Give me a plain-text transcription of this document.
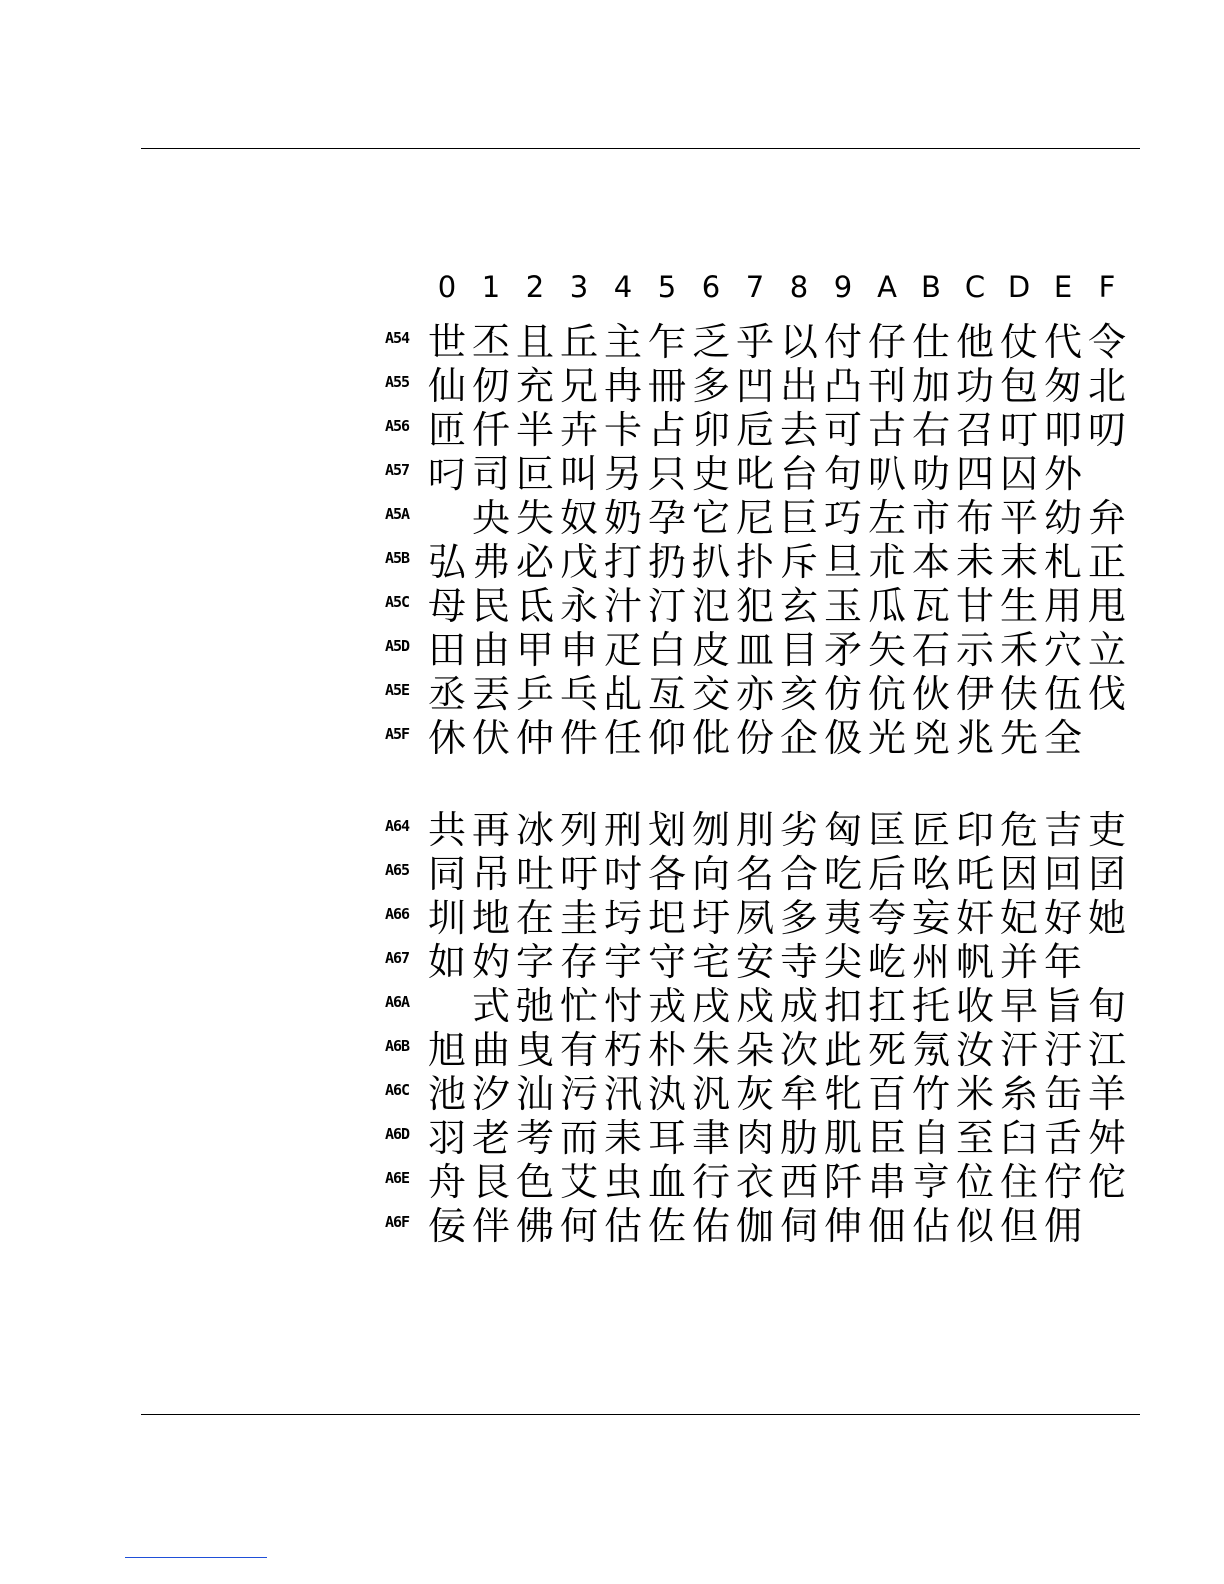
0 1 2 3 4 5 6 7 8 9 A B C D E F
A54 世 丕 且 丘 主 乍 乏 乎 以 付 仔 仕 他 仗 代 令
A55 仙 仞 充 兄 冉 冊 多 凹 出 凸 刊 加 功 包 匆 北
A56 匝 仟 半 卉 卡 占 卯 卮 去 可 古 右 召 叮 叩 叨
A57 叼 司 叵 叫 另 只 史 叱 台 句 叭 叻 四 囚 外
A5A 央 失 奴 奶 孕 它 尼 巨 巧 左 市 布 平 幼 弁
A5B 弘 弗 必 戊 打 扔 扒 扑 斥 旦 朮 本 未 末 札 正
A5C 母 民 氐 永 汁 汀 氾 犯 玄 玉 瓜 瓦 甘 生 用 甩
A5D 田 由 甲 申 疋 白 皮 皿 目 矛 矢 石 示 禾 穴 立
A5E 丞 丟 乒 乓 乩 亙 交 亦 亥 仿 伉 伙 伊 伕 伍 伐
A5F 休 伏 仲 件 任 仰 仳 份 企 伋 光 兇 兆 先 全
A64 共 再 冰 列 刑 划 刎 刖 劣 匈 匡 匠 印 危 吉 吏
A65 同 吊 吐 吁 吋 各 向 名 合 吃 后 吆 吒 因 回 囝
A66 圳 地 在 圭 圬 圯 圩 夙 多 夷 夸 妄 奸 妃 好 她
A67 如 妁 字 存 宇 守 宅 安 寺 尖 屹 州 帆 并 年
A6A 式 弛 忙 忖 戎 戌 戍 成 扣 扛 托 收 早 旨 旬
A6B 旭 曲 曳 有 朽 朴 朱 朵 次 此 死 氖 汝 汗 汙 江
A6C 池 汐 汕 污 汛 汍 汎 灰 牟 牝 百 竹 米 糸 缶 羊
A6D 羽 老 考 而 耒 耳 聿 肉 肋 肌 臣 自 至 臼 舌 舛
A6E 舟 艮 色 艾 虫 血 行 衣 西 阡 串 亨 位 住 佇 佗
A6F 佞 伴 佛 何 估 佐 佑 伽 伺 伸 佃 佔 似 但 佣
